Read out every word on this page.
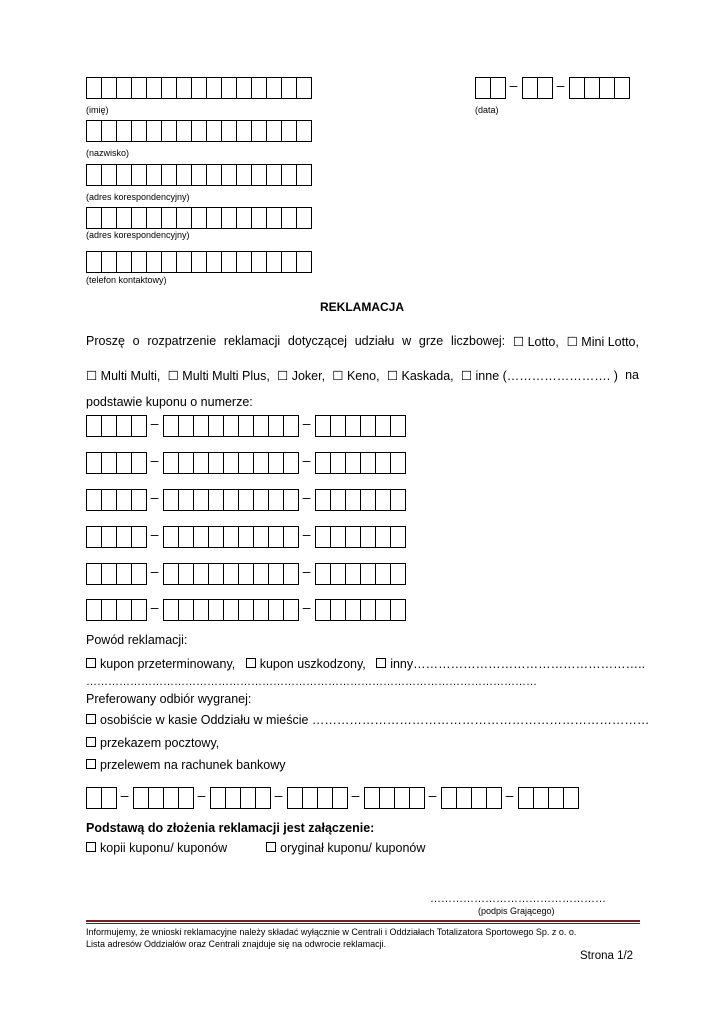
(imię)
–	–
(data)
(nazwisko)
(adres korespondencyjny)
(adres korespondencyjny)
(telefon kontaktowy)
REKLAMACJA
Proszę o rozpatrzenie reklamacji dotyczącej udziału w grze liczbowej: ☐ Lotto, ☐ Mini Lotto,
☐ Multi Multi, ☐ Multi Multi Plus, ☐ Joker, ☐ Keno, ☐ Kaskada, ☐ inne (……………………. ) na
podstawie kuponu o numerze:
–	–
–	–
–	–
–	–
–	–
–	–
Powód reklamacji:
kupon przeterminowany, kupon uszkodzony, inny………………………………………………..
……………………………………………………………………………………………………………
Preferowany odbiór wygranej:
osobiście w kasie Oddziału w mieście ………………………………………………………………………
przekazem pocztowy,
przelewem na rachunek bankowy
–	–	–	–	–	–
Podstawą do złożenia reklamacji jest załączenie:
kopii kuponu/ kuponów	oryginał kuponu/ kuponów
…………………………………………
(podpis Grającego)
Informujemy, że wnioski reklamacyjne należy składać wyłącznie w Centrali i Oddziałach Totalizatora Sportowego Sp. z o. o.
Lista adresów Oddziałów oraz Centrali znajduje się na odwrocie reklamacji.
Strona 1/2
